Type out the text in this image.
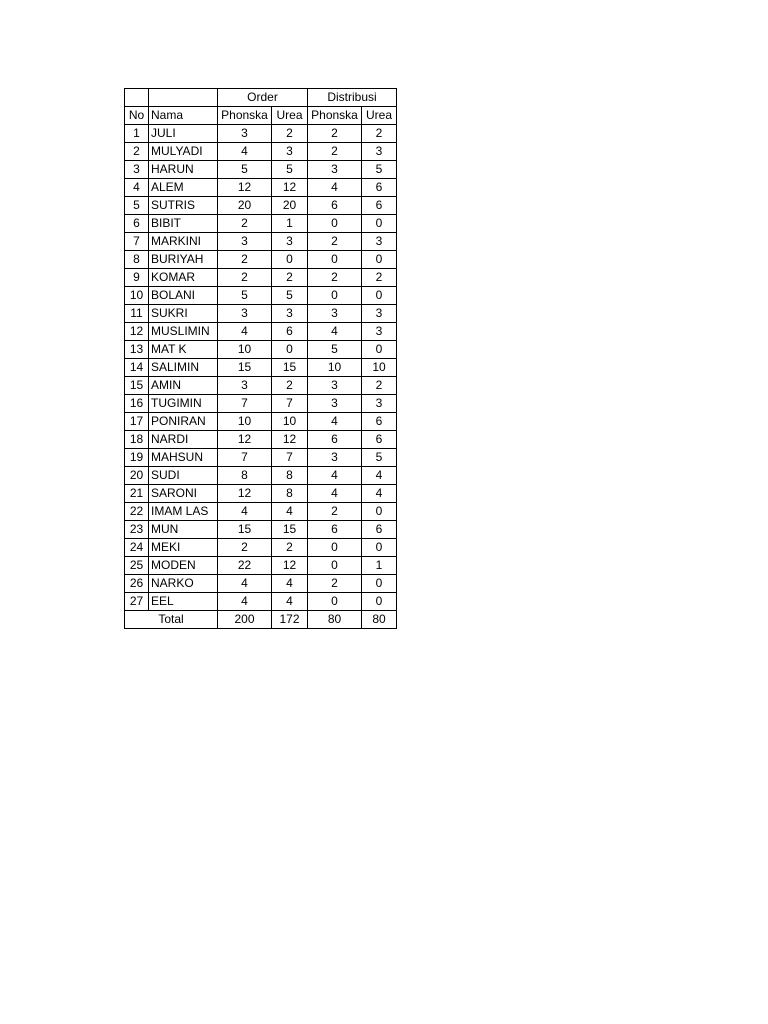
		Order		Distribusi	
No	Nama	Phonska	Urea	Phonska	Urea
1	JULI	3	2	2	2
2	MULYADI	4	3	2	3
3	HARUN	5	5	3	5
4	ALEM	12	12	4	6
5	SUTRIS	20	20	6	6
6	BIBIT	2	1	0	0
7	MARKINI	3	3	2	3
8	BURIYAH	2	0	0	0
9	KOMAR	2	2	2	2
10	BOLANI	5	5	0	0
11	SUKRI	3	3	3	3
12	MUSLIMIN	4	6	4	3
13	MAT K	10	0	5	0
14	SALIMIN	15	15	10	10
15	AMIN	3	2	3	2
16	TUGIMIN	7	7	3	3
17	PONIRAN	10	10	4	6
18	NARDI	12	12	6	6
19	MAHSUN	7	7	3	5
20	SUDI	8	8	4	4
21	SARONI	12	8	4	4
22	IMAM LAS	4	4	2	0
23	MUN	15	15	6	6
24	MEKI	2	2	0	0
25	MODEN	22	12	0	1
26	NARKO	4	4	2	0
27	EEL	4	4	0	0
Total		200	172	80	80
